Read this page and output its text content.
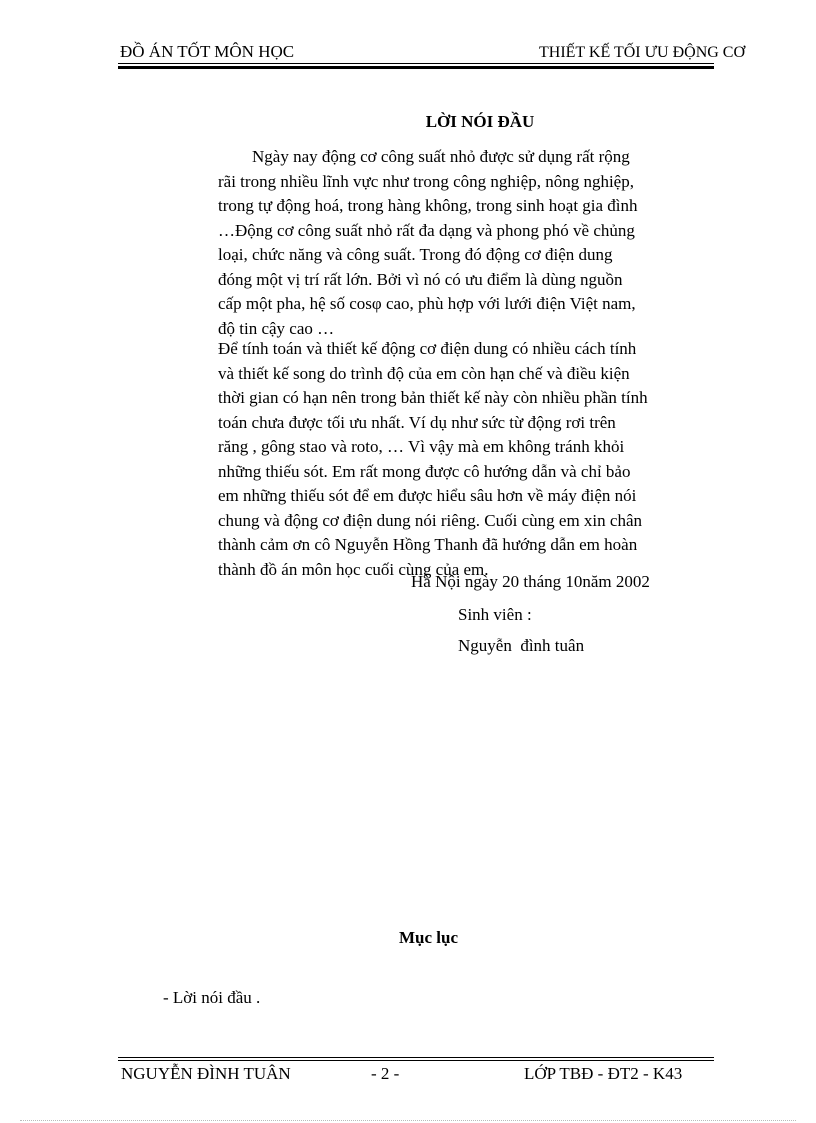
ĐỒ ÁN TỐT MÔN HỌC	THIẾT KẾ TỐI ƯU ĐỘNG CƠ
LỜI NÓI ĐẦU
Ngày nay động cơ công suất nhỏ được sử dụng rất rộng
rãi trong nhiều lĩnh vực như trong công nghiệp, nông nghiệp,
trong tự động hoá, trong hàng không, trong sinh hoạt gia đình
…Động cơ công suất nhỏ rất đa dạng và phong phó về chủng
loại, chức năng và công suất. Trong đó động cơ điện dung
đóng một vị trí rất lớn. Bởi vì nó có ưu điểm là dùng nguồn
cấp một pha, hệ số cosφ cao, phù hợp với lưới điện Việt nam,
độ tin cậy cao …
Để tính toán và thiết kế động cơ điện dung có nhiều cách tính
và thiết kế song do trình độ của em còn hạn chế và điều kiện
thời gian có hạn nên trong bản thiết kế này còn nhiều phần tính
toán chưa được tối ưu nhất. Ví dụ như sức từ động rơi trên
răng , gông stao và roto, … Vì vậy mà em không tránh khỏi
những thiếu sót. Em rất mong được cô hướng dẫn và chỉ bảo
em những thiếu sót để em được hiểu sâu hơn về máy điện nói
chung và động cơ điện dung nói riêng. Cuối cùng em xin chân
thành cảm ơn cô Nguyễn Hồng Thanh đã hướng dẫn em hoàn
thành đồ án môn học cuối cùng của em.
Hà Nội ngày 20 tháng 10năm 2002
Sinh viên :
Nguyễn  đình tuân
Mục lục
- Lời nói đầu .
NGUYỄN ĐÌNH TUÂN	- 2 -	LỚP TBĐ - ĐT2 - K43
